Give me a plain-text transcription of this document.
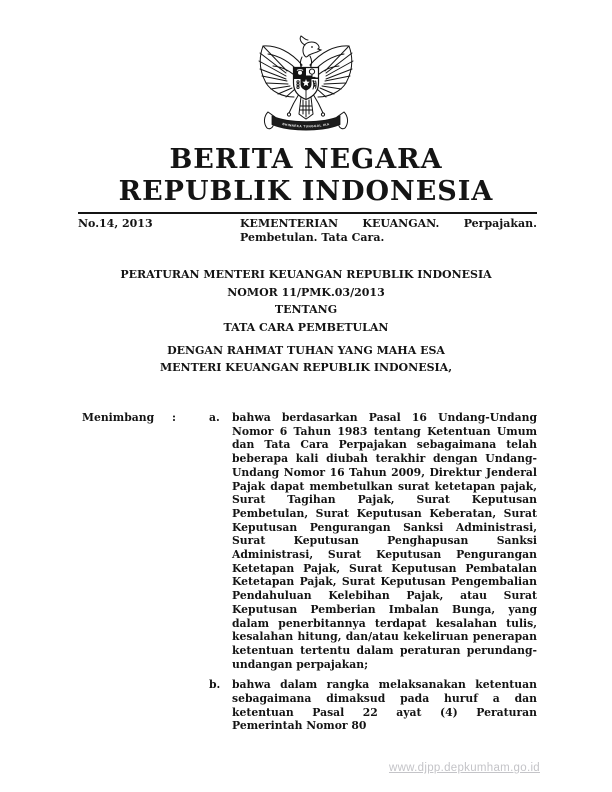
BHINNEKA TUNGGAL IKA
BERITA NEGARA
REPUBLIK INDONESIA
No.14, 2013	KEMENTERIAN KEUANGAN. Perpajakan.
Pembetulan. Tata Cara.
PERATURAN MENTERI KEUANGAN REPUBLIK INDONESIA
NOMOR 11/PMK.03/2013
TENTANG
TATA CARA PEMBETULAN
DENGAN RAHMAT TUHAN YANG MAHA ESA
MENTERI KEUANGAN REPUBLIK INDONESIA,
Menimbang	:	a.	bahwa berdasarkan Pasal 16 Undang-Undang Nomor 6 Tahun 1983 tentang Ketentuan Umum dan Tata Cara Perpajakan sebagaimana telah beberapa kali diubah terakhir dengan Undang-Undang Nomor 16 Tahun 2009, Direktur Jenderal Pajak dapat membetulkan surat ketetapan pajak, Surat Tagihan Pajak, Surat Keputusan Pembetulan, Surat Keputusan Keberatan, Surat Keputusan Pengurangan Sanksi Administrasi, Surat Keputusan Penghapusan Sanksi Administrasi, Surat Keputusan Pengurangan Ketetapan Pajak, Surat Keputusan Pembatalan Ketetapan Pajak, Surat Keputusan Pengembalian Pendahuluan Kelebihan Pajak, atau Surat Keputusan Pemberian Imbalan Bunga, yang dalam penerbitannya terdapat kesalahan tulis, kesalahan hitung, dan/atau kekeliruan penerapan ketentuan tertentu dalam peraturan perundang-undangan perpajakan;
b.	bahwa dalam rangka melaksanakan ketentuan sebagaimana dimaksud pada huruf a dan ketentuan Pasal 22 ayat (4) Peraturan Pemerintah Nomor 80
www.djpp.depkumham.go.id
